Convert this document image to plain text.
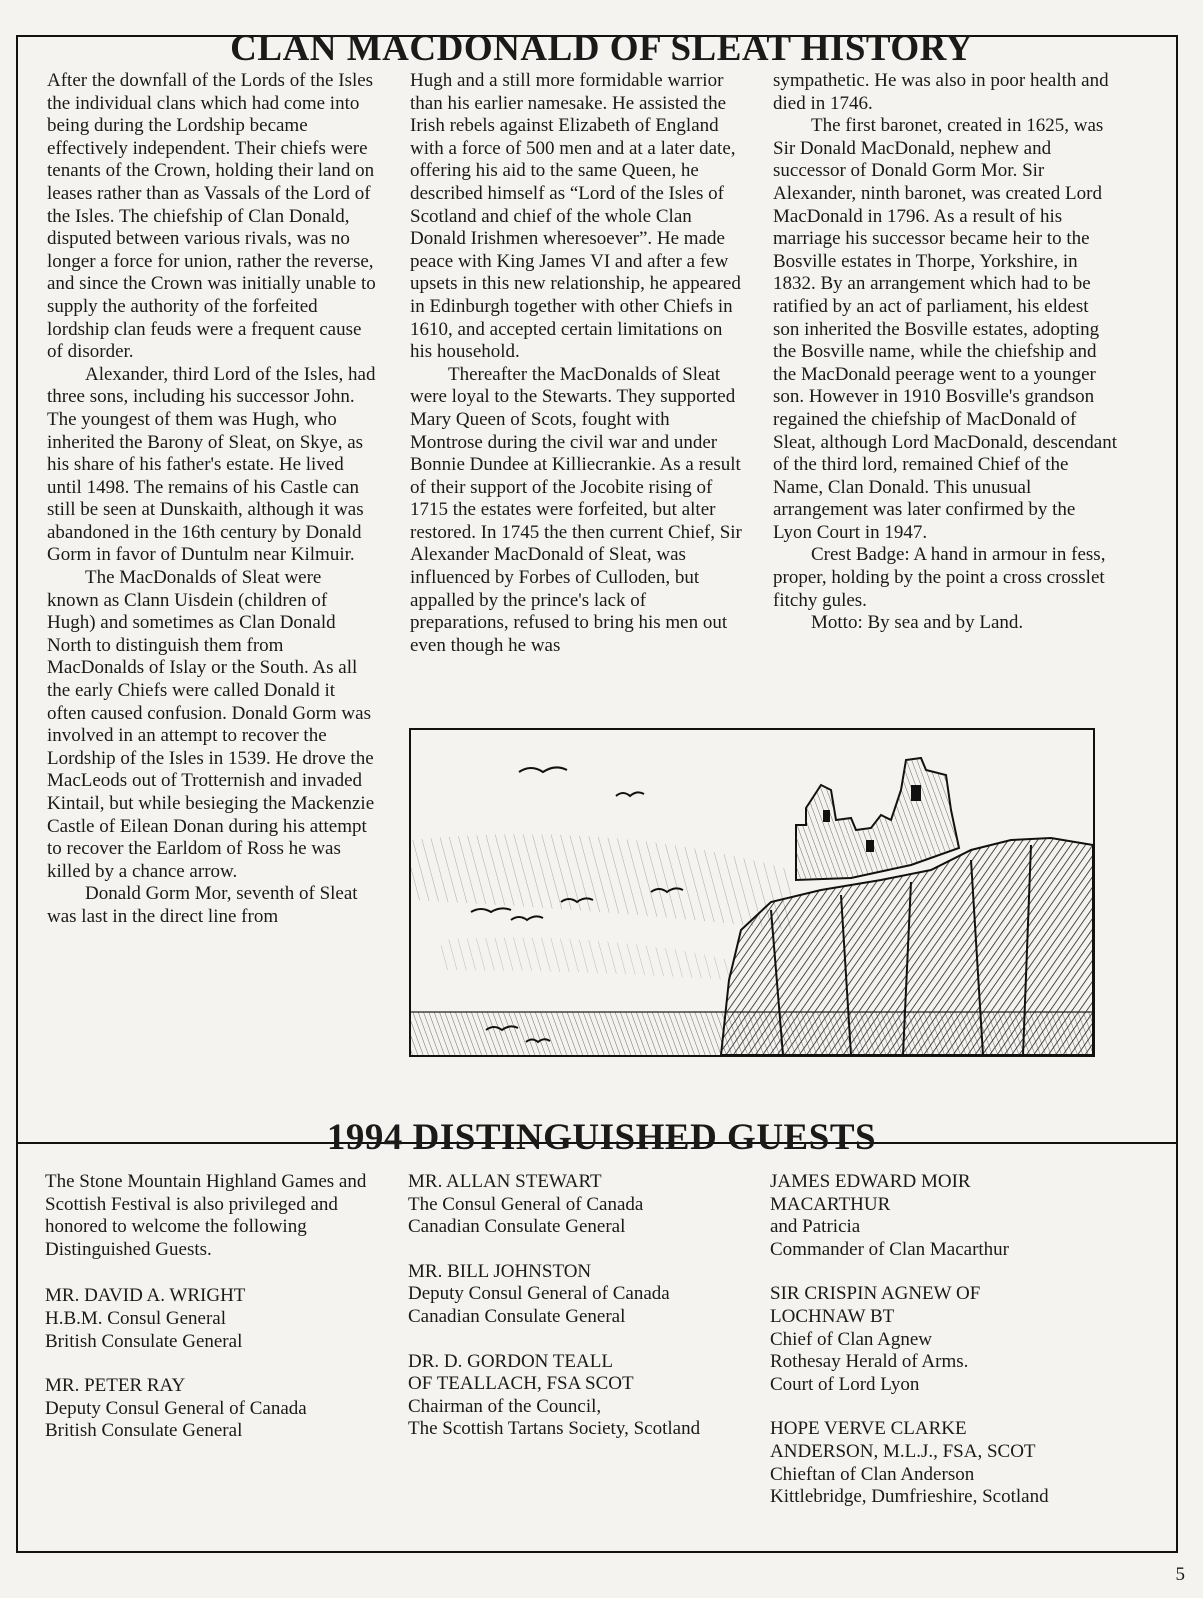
CLAN MACDONALD OF SLEAT HISTORY

After the downfall of the Lords of the Isles the individual clans which had come into being during the Lordship became effectively independent. Their chiefs were tenants of the Crown, holding their land on leases rather than as Vassals of the Lord of the Isles. The chiefship of Clan Donald, disputed between various rivals, was no longer a force for union, rather the reverse, and since the Crown was initially unable to supply the authority of the forfeited lordship clan feuds were a frequent cause of disorder.

Alexander, third Lord of the Isles, had three sons, including his successor John. The youngest of them was Hugh, who inherited the Barony of Sleat, on Skye, as his share of his father's estate. He lived until 1498. The remains of his Castle can still be seen at Dunskaith, although it was abandoned in the 16th century by Donald Gorm in favor of Duntulm near Kilmuir.

The MacDonalds of Sleat were known as Clann Uisdein (children of Hugh) and sometimes as Clan Donald North to distinguish them from MacDonalds of Islay or the South. As all the early Chiefs were called Donald it often caused confusion. Donald Gorm was involved in an attempt to recover the Lordship of the Isles in 1539. He drove the MacLeods out of Trotternish and invaded Kintail, but while besieging the Mackenzie Castle of Eilean Donan during his attempt to recover the Earldom of Ross he was killed by a chance arrow.

Donald Gorm Mor, seventh of Sleat was last in the direct line from

Hugh and a still more formidable warrior than his earlier namesake. He assisted the Irish rebels against Elizabeth of England with a force of 500 men and at a later date, offering his aid to the same Queen, he described himself as “Lord of the Isles of Scotland and chief of the whole Clan Donald Irishmen wheresoever”. He made peace with King James VI and after a few upsets in this new relationship, he appeared in Edinburgh together with other Chiefs in 1610, and accepted certain limitations on his household.

Thereafter the MacDonalds of Sleat were loyal to the Stewarts. They supported Mary Queen of Scots, fought with Montrose during the civil war and under Bonnie Dundee at Killiecrankie. As a result of their support of the Jocobite rising of 1715 the estates were forfeited, but alter restored. In 1745 the then current Chief, Sir Alexander MacDonald of Sleat, was influenced by Forbes of Culloden, but appalled by the prince's lack of preparations, refused to bring his men out even though he was

sympathetic. He was also in poor health and died in 1746.

The first baronet, created in 1625, was Sir Donald MacDonald, nephew and successor of Donald Gorm Mor. Sir Alexander, ninth baronet, was created Lord MacDonald in 1796. As a result of his marriage his successor became heir to the Bosville estates in Thorpe, Yorkshire, in 1832. By an arrangement which had to be ratified by an act of parliament, his eldest son inherited the Bosville estates, adopting the Bosville name, while the chiefship and the MacDonald peerage went to a younger son. However in 1910 Bosville's grandson regained the chiefship of MacDonald of Sleat, although Lord MacDonald, descendant of the third lord, remained Chief of the Name, Clan Donald. This unusual arrangement was later confirmed by the Lyon Court in 1947.

Crest Badge: A hand in armour in fess, proper, holding by the point a cross crosslet fitchy gules.

Motto: By sea and by Land.

1994 DISTINGUISHED GUESTS

The Stone Mountain Highland Games and Scottish Festival is also privileged and honored to welcome the following Distinguished Guests.

MR. DAVID A. WRIGHT
H.B.M. Consul General
British Consulate General
MR. PETER RAY
Deputy Consul General of Canada
British Consulate General
MR. ALLAN STEWART
The Consul General of Canada
Canadian Consulate General
MR. BILL JOHNSTON
Deputy Consul General of Canada
Canadian Consulate General
DR. D. GORDON TEALL
OF TEALLACH, FSA SCOT
Chairman of the Council,
The Scottish Tartans Society, Scotland
JAMES EDWARD MOIR
MACARTHUR
and Patricia
Commander of Clan Macarthur
SIR CRISPIN AGNEW OF
LOCHNAW BT
Chief of Clan Agnew
Rothesay Herald of Arms.
Court of Lord Lyon
HOPE VERVE CLARKE
ANDERSON, M.L.J., FSA, SCOT
Chieftan of Clan Anderson
Kittlebridge, Dumfrieshire, Scotland
5
